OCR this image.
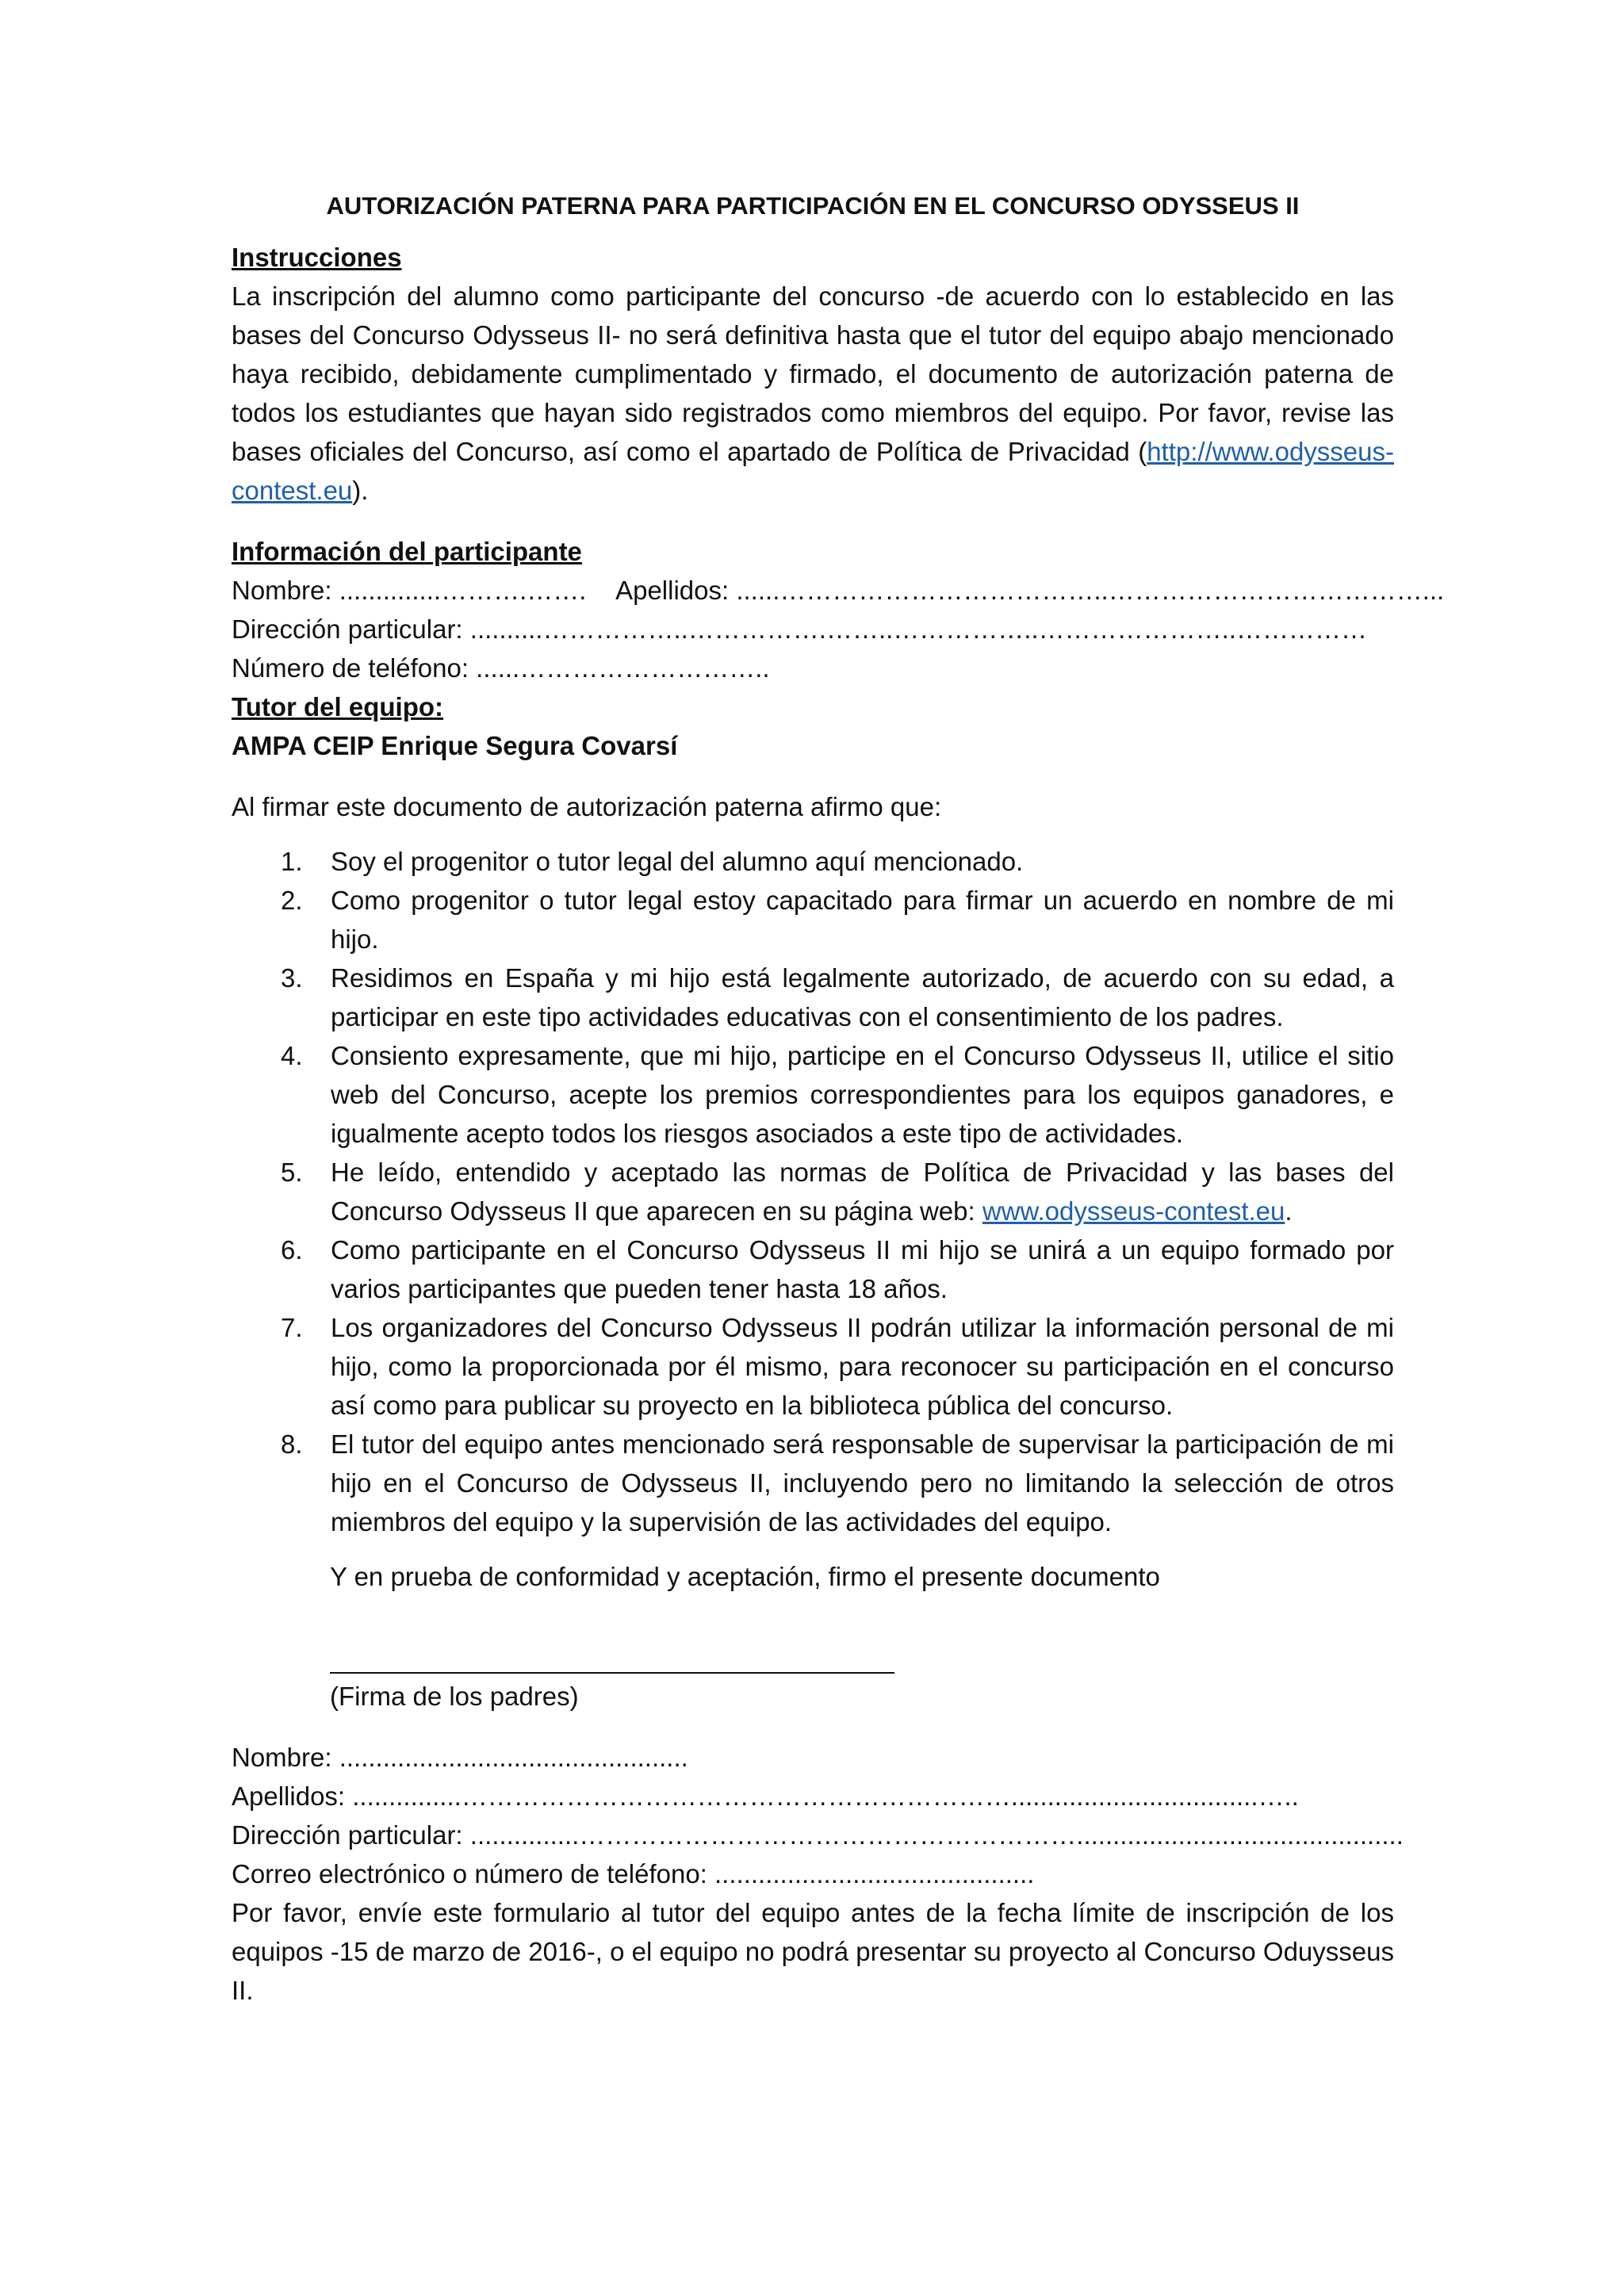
AUTORIZACIÓN PATERNA PARA PARTICIPACIÓN EN EL CONCURSO ODYSSEUS II

Instrucciones

La inscripción del alumno como participante del concurso -de acuerdo con lo establecido en las bases del Concurso Odysseus II- no será definitiva hasta que el tutor del equipo abajo mencionado haya recibido, debidamente cumplimentado y firmado, el documento de autorización paterna de todos los estudiantes que hayan sido registrados como miembros del equipo. Por favor, revise las bases oficiales del Concurso, así como el apartado de Política de Privacidad (http://www.odysseus-contest.eu).

Información del participante

Nombre: ..............……….……. Apellidos: ......………………………………..………………………………...

Dirección particular: ..........……………..…………….……..……………..…………………..……………

Número de teléfono: ......………………………..

Tutor del equipo:

AMPA CEIP Enrique Segura Covarsí

Al firmar este documento de autorización paterna afirmo que:

1. Soy el progenitor o tutor legal del alumno aquí mencionado.
2. Como progenitor o tutor legal estoy capacitado para firmar un acuerdo en nombre de mi hijo.
3. Residimos en España y mi hijo está legalmente autorizado, de acuerdo con su edad, a participar en este tipo actividades educativas con el consentimiento de los padres.
4. Consiento expresamente, que mi hijo, participe en el Concurso Odysseus II, utilice el sitio web del Concurso, acepte los premios correspondientes para los equipos ganadores, e igualmente acepto todos los riesgos asociados a este tipo de actividades.
5. He leído, entendido y aceptado las normas de Política de Privacidad y las bases del Concurso Odysseus II que aparecen en su página web: www.odysseus-contest.eu.
6. Como participante en el Concurso Odysseus II mi hijo se unirá a un equipo formado por varios participantes que pueden tener hasta 18 años.
7. Los organizadores del Concurso Odysseus II podrán utilizar la información personal de mi hijo, como la proporcionada por él mismo, para reconocer su participación en el concurso así como para publicar su proyecto en la biblioteca pública del concurso.
8. El tutor del equipo antes mencionado será responsable de supervisar la participación de mi hijo en el Concurso de Odysseus II, incluyendo pero no limitando la selección de otros miembros del equipo y la supervisión de las actividades del equipo.

Y en prueba de conformidad y aceptación, firmo el presente documento

(Firma de los padres)

Nombre: ................................................

Apellidos: ...............………………………………………………………..................................…..

Dirección particular: ...............………………………………………………….............................................

Correo electrónico o número de teléfono: ............................................

Por favor, envíe este formulario al tutor del equipo antes de la fecha límite de inscripción de los equipos -15 de marzo de 2016-, o el equipo no podrá presentar su proyecto al Concurso Oduysseus II.
